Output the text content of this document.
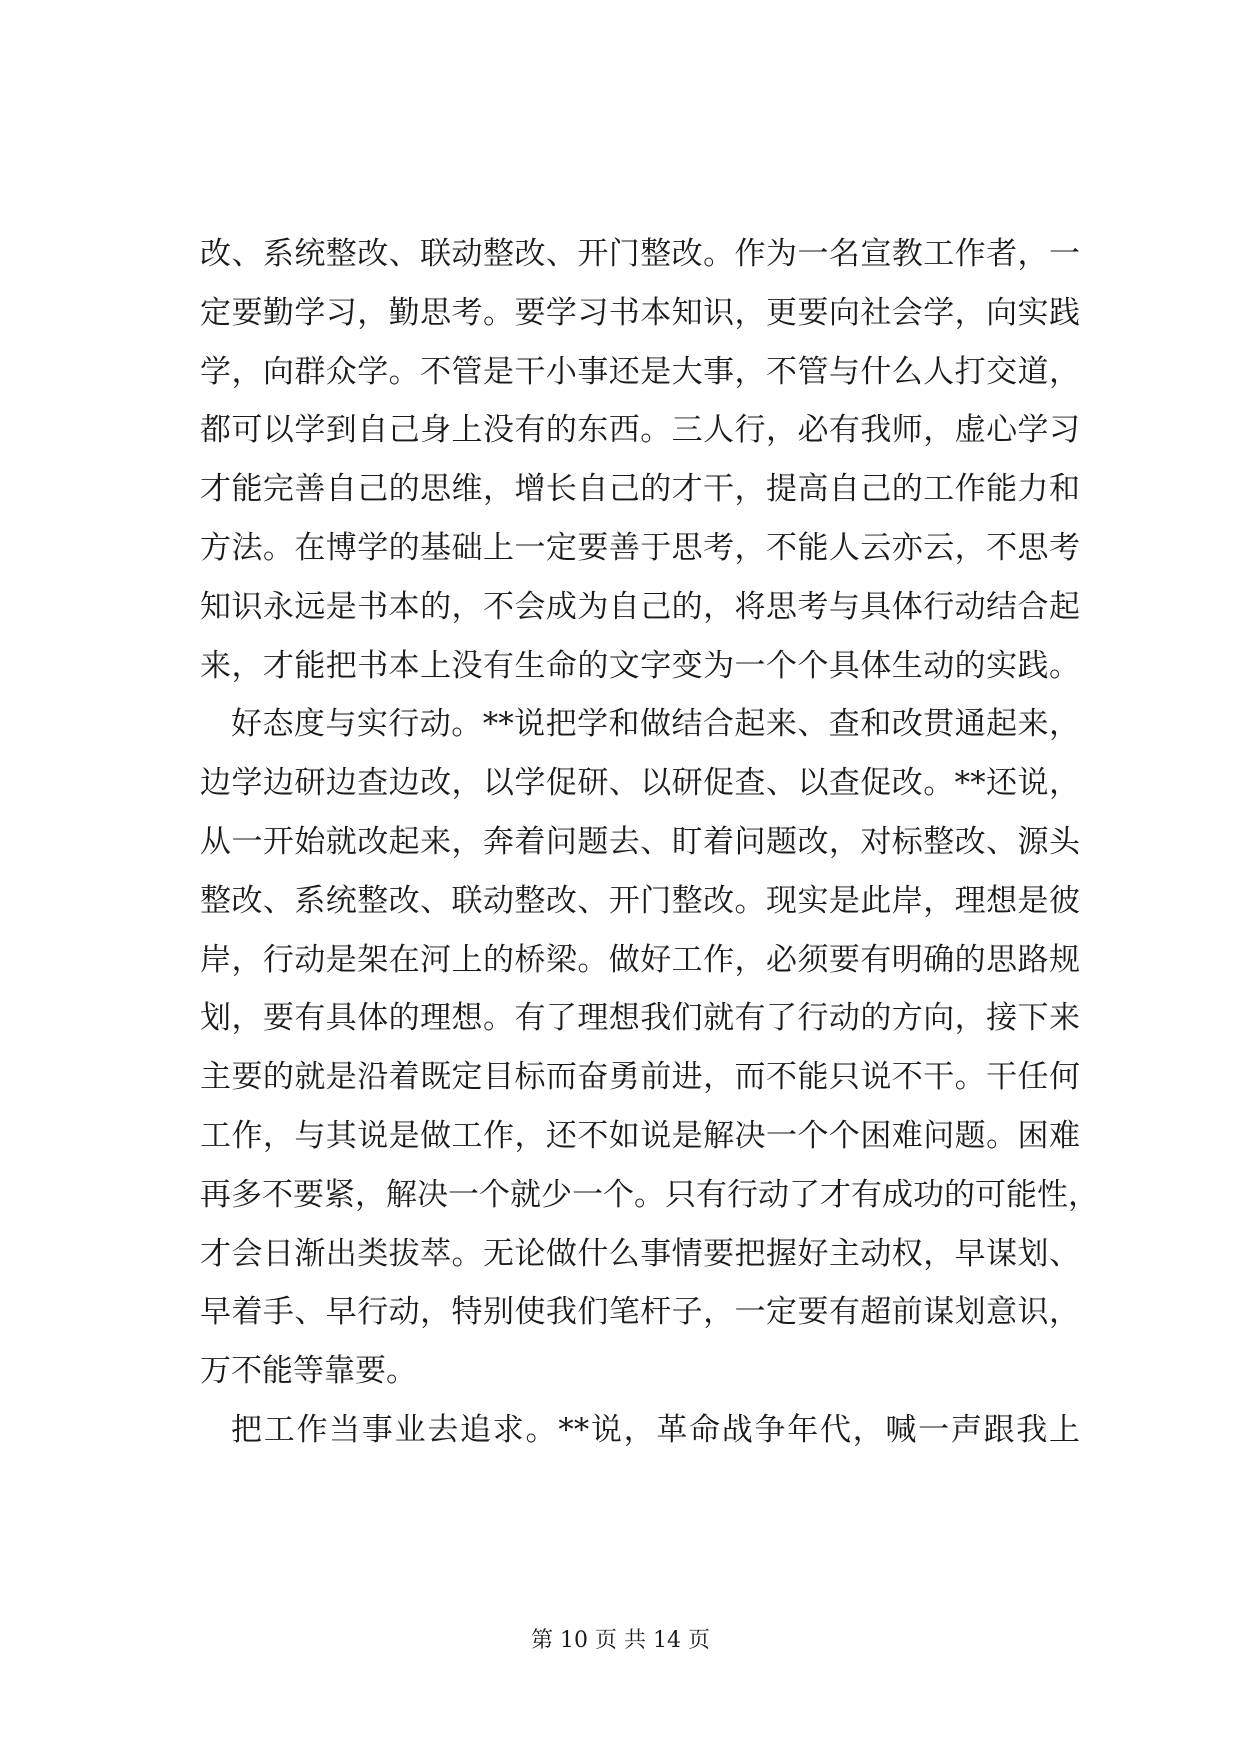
改、系统整改、联动整改、开门整改。作为一名宣教工作者，一
定要勤学习，勤思考。要学习书本知识，更要向社会学，向实践
学，向群众学。不管是干小事还是大事，不管与什么人打交道，
都可以学到自己身上没有的东西。三人行，必有我师，虚心学习
才能完善自己的思维，增长自己的才干，提高自己的工作能力和
方法。在博学的基础上一定要善于思考，不能人云亦云，不思考
知识永远是书本的，不会成为自己的，将思考与具体行动结合起
来，才能把书本上没有生命的文字变为一个个具体生动的实践。
好态度与实行动。**说把学和做结合起来、查和改贯通起来，
边学边研边查边改，以学促研、以研促查、以查促改。**还说，
从一开始就改起来，奔着问题去、盯着问题改，对标整改、源头
整改、系统整改、联动整改、开门整改。现实是此岸，理想是彼
岸，行动是架在河上的桥梁。做好工作，必须要有明确的思路规
划，要有具体的理想。有了理想我们就有了行动的方向，接下来
主要的就是沿着既定目标而奋勇前进，而不能只说不干。干任何
工作，与其说是做工作，还不如说是解决一个个困难问题。困难
再多不要紧，解决一个就少一个。只有行动了才有成功的可能性，
才会日渐出类拔萃。无论做什么事情要把握好主动权，早谋划、
早着手、早行动，特别使我们笔杆子，一定要有超前谋划意识，
万不能等靠要。
把工作当事业去追求。**说，革命战争年代，喊一声跟我上
第 10 页 共 14 页
